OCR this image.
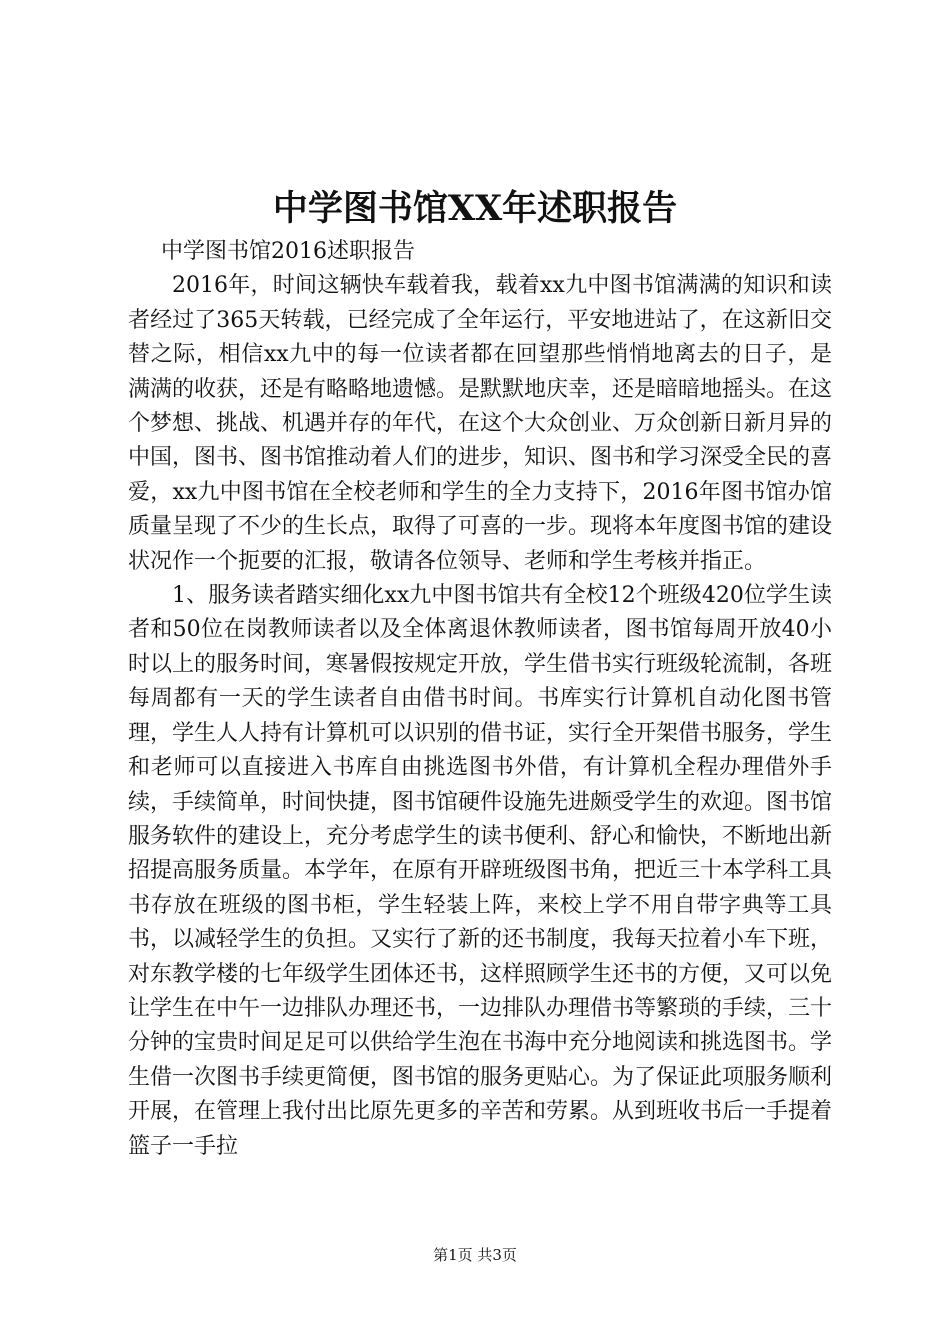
中学图书馆XX年述职报告

中学图书馆2016述职报告

2016年，时间这辆快车载着我，载着xx九中图书馆满满的知识和读者经过了365天转载，已经完成了全年运行，平安地进站了，在这新旧交替之际，相信xx九中的每一位读者都在回望那些悄悄地离去的日子，是满满的收获，还是有略略地遗憾。是默默地庆幸，还是暗暗地摇头。在这个梦想、挑战、机遇并存的年代，在这个大众创业、万众创新日新月异的中国，图书、图书馆推动着人们的进步，知识、图书和学习深受全民的喜爱，xx九中图书馆在全校老师和学生的全力支持下，2016年图书馆办馆质量呈现了不少的生长点，取得了可喜的一步。现将本年度图书馆的建设状况作一个扼要的汇报，敬请各位领导、老师和学生考核并指正。

1、服务读者踏实细化xx九中图书馆共有全校12个班级420位学生读者和50位在岗教师读者以及全体离退休教师读者，图书馆每周开放40小时以上的服务时间，寒暑假按规定开放，学生借书实行班级轮流制，各班每周都有一天的学生读者自由借书时间。书库实行计算机自动化图书管理，学生人人持有计算机可以识别的借书证，实行全开架借书服务，学生和老师可以直接进入书库自由挑选图书外借，有计算机全程办理借外手续，手续简单，时间快捷，图书馆硬件设施先进颇受学生的欢迎。图书馆服务软件的建设上，充分考虑学生的读书便利、舒心和愉快，不断地出新招提高服务质量。本学年，在原有开辟班级图书角，把近三十本学科工具书存放在班级的图书柜，学生轻装上阵，来校上学不用自带字典等工具书，以减轻学生的负担。又实行了新的还书制度，我每天拉着小车下班，对东教学楼的七年级学生团体还书，这样照顾学生还书的方便，又可以免让学生在中午一边排队办理还书，一边排队办理借书等繁琐的手续，三十分钟的宝贵时间足足可以供给学生泡在书海中充分地阅读和挑选图书。学生借一次图书手续更简便，图书馆的服务更贴心。为了保证此项服务顺利开展，在管理上我付出比原先更多的辛苦和劳累。从到班收书后一手提着篮子一手拉

第1页 共3页
